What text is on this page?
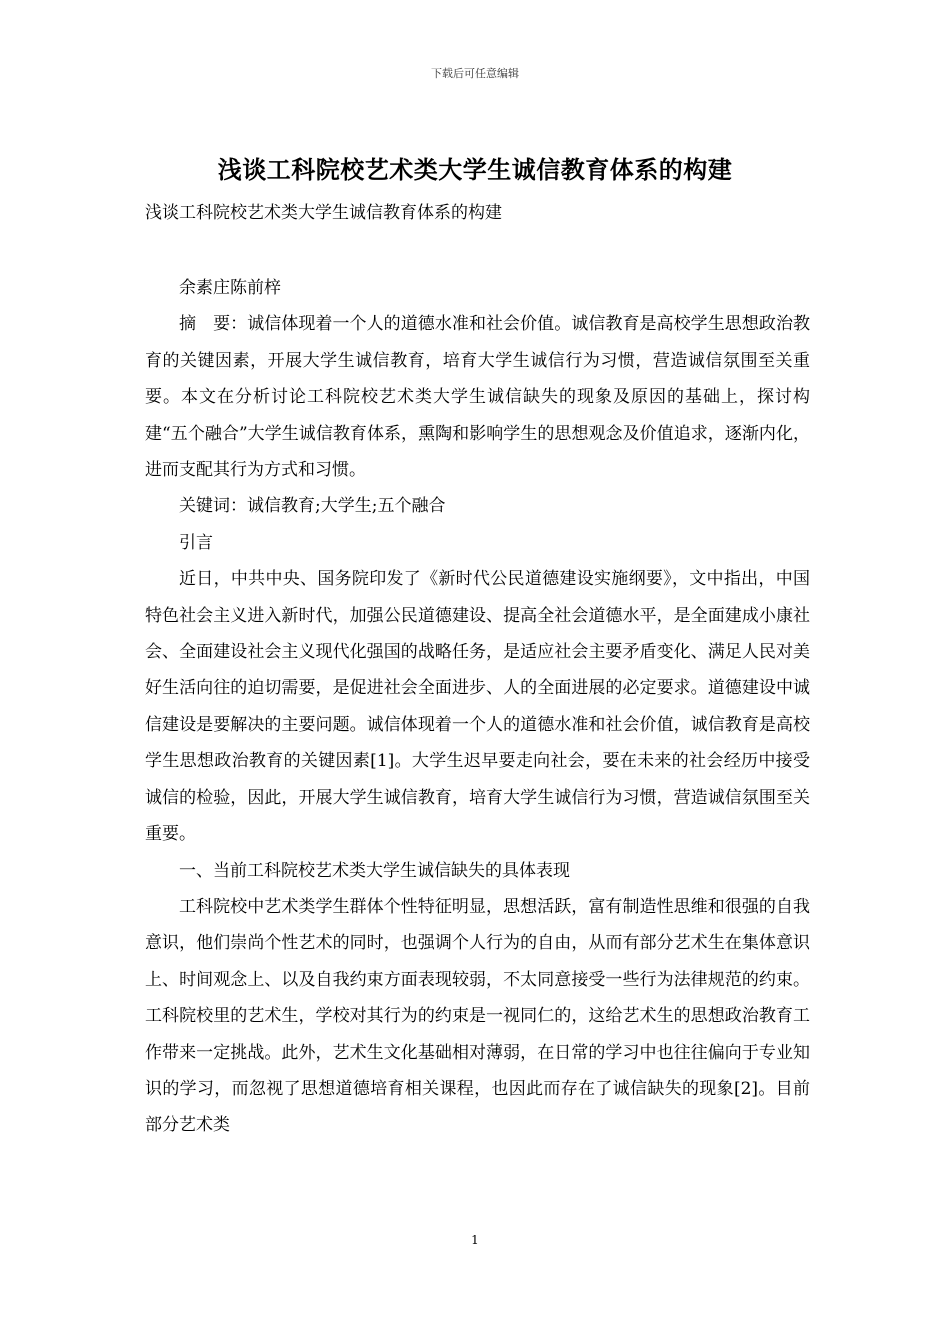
下载后可任意编辑
浅谈工科院校艺术类大学生诚信教育体系的构建
浅谈工科院校艺术类大学生诚信教育体系的构建

余素庄陈前梓

摘　要：诚信体现着一个人的道德水准和社会价值。诚信教育是高校学生思想政治教育的关键因素，开展大学生诚信教育，培育大学生诚信行为习惯，营造诚信氛围至关重要。本文在分析讨论工科院校艺术类大学生诚信缺失的现象及原因的基础上，探讨构建“五个融合”大学生诚信教育体系，熏陶和影响学生的思想观念及价值追求，逐渐内化，进而支配其行为方式和习惯。

关键词：诚信教育;大学生;五个融合

引言

近日，中共中央、国务院印发了《新时代公民道德建设实施纲要》，文中指出，中国特色社会主义进入新时代，加强公民道德建设、提高全社会道德水平，是全面建成小康社会、全面建设社会主义现代化强国的战略任务，是适应社会主要矛盾变化、满足人民对美好生活向往的迫切需要，是促进社会全面进步、人的全面进展的必定要求。道德建设中诚信建设是要解决的主要问题。诚信体现着一个人的道德水准和社会价值，诚信教育是高校学生思想政治教育的关键因素[1]。大学生迟早要走向社会，要在未来的社会经历中接受诚信的检验，因此，开展大学生诚信教育，培育大学生诚信行为习惯，营造诚信氛围至关重要。

一、当前工科院校艺术类大学生诚信缺失的具体表现

工科院校中艺术类学生群体个性特征明显，思想活跃，富有制造性思维和很强的自我意识，他们崇尚个性艺术的同时，也强调个人行为的自由，从而有部分艺术生在集体意识上、时间观念上、以及自我约束方面表现较弱，不太同意接受一些行为法律规范的约束。工科院校里的艺术生，学校对其行为的约束是一视同仁的，这给艺术生的思想政治教育工作带来一定挑战。此外，艺术生文化基础相对薄弱，在日常的学习中也往往偏向于专业知识的学习，而忽视了思想道德培育相关课程，也因此而存在了诚信缺失的现象[2]。目前部分艺术类

1
